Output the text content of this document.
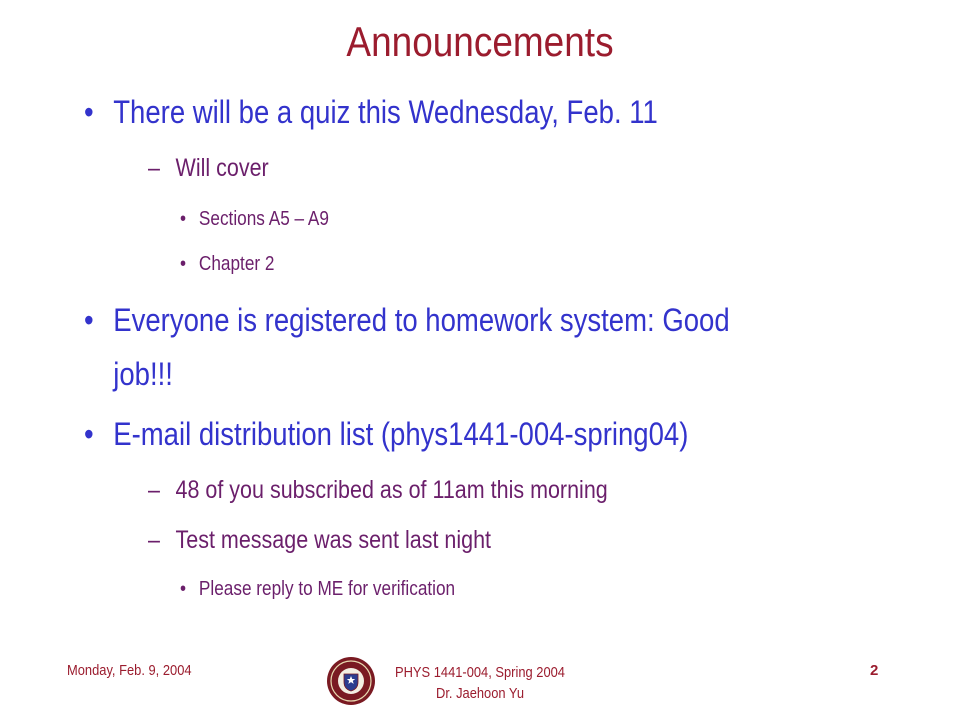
Announcements
• There will be a quiz this Wednesday, Feb. 11
– Will cover
• Sections A5 – A9
• Chapter 2
• Everyone is registered to homework system: Good
job!!!
• E-mail distribution list (phys1441-004-spring04)
– 48 of you subscribed as of 11am this morning
– Test message was sent last night
• Please reply to ME for verification
Monday, Feb. 9, 2004	PHYS 1441-004, Spring 2004
Dr. Jaehoon Yu
2
